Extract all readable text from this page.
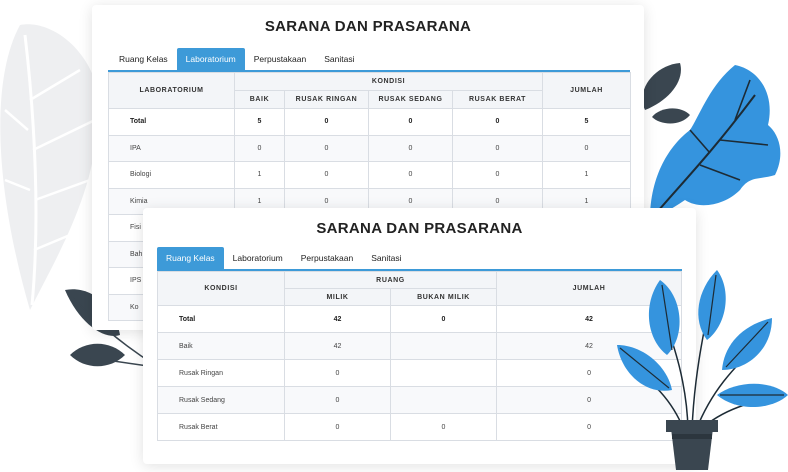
SARANA DAN PRASARANA
Ruang Kelas	Laboratorium	Perpustakaan	Sanitasi
LABORATORIUM	KONDISI				JUMLAH
	BAIK	RUSAK RINGAN	RUSAK SEDANG	RUSAK BERAT	
Total	5	0	0	0	5
IPA	0	0	0	0	0
Biologi	1	0	0	0	1
Kimia	1	0	0	0	1
Fisi					
Bah					
IPS					
Ko					
SARANA DAN PRASARANA
Ruang Kelas	Laboratorium	Perpustakaan	Sanitasi
KONDISI	RUANG		JUMLAH
	MILIK	BUKAN MILIK	
Total	42	0	42
Baik	42		42
Rusak Ringan	0		0
Rusak Sedang	0		0
Rusak Berat	0	0	0
